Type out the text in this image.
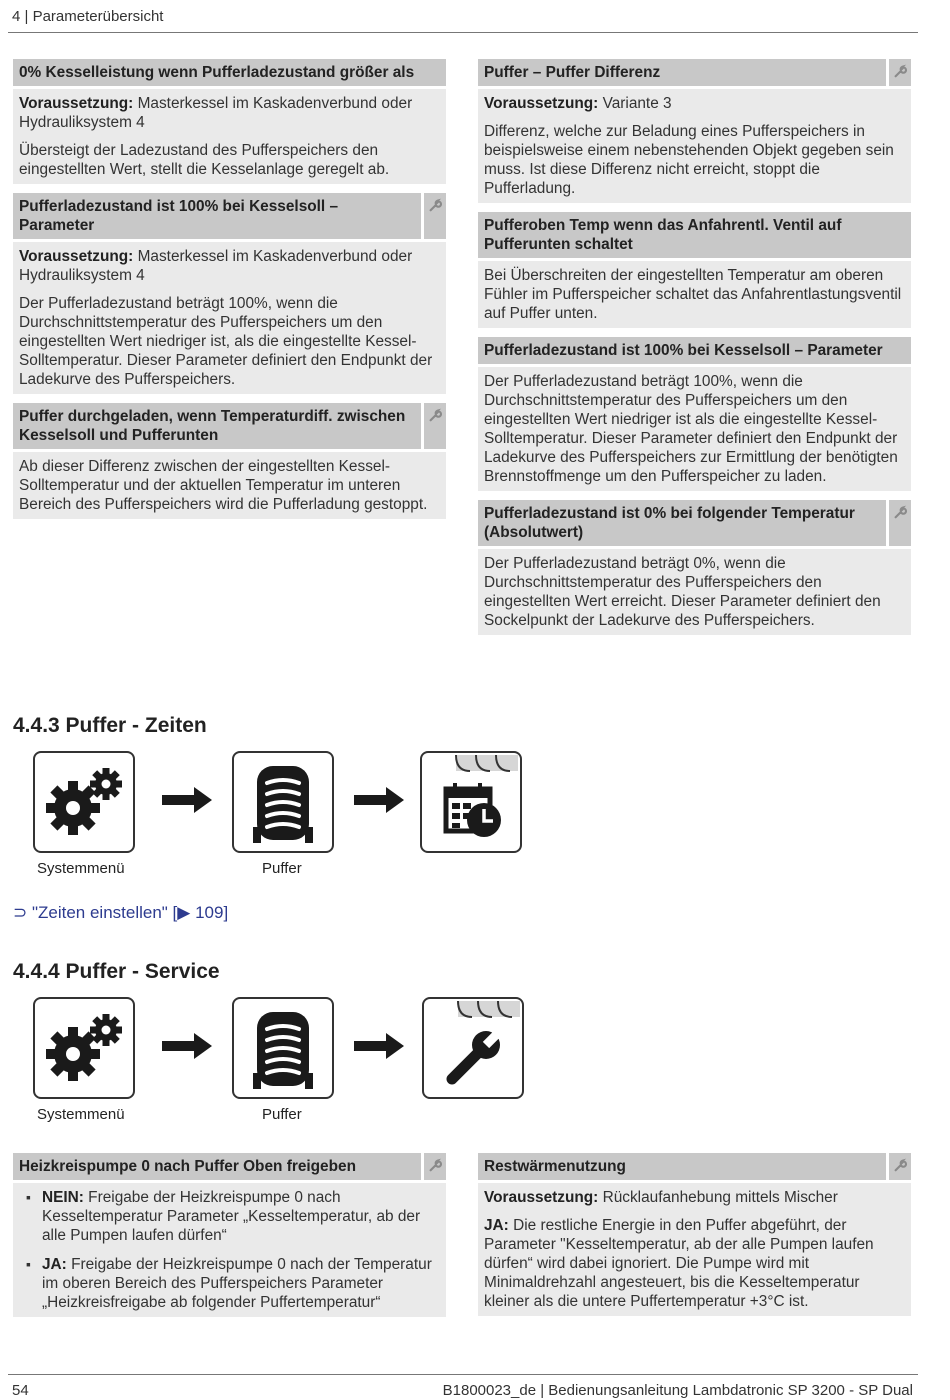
4 | Parameterübersicht
0% Kesselleistung wenn Pufferladezustand größer als

Voraussetzung: Masterkessel im Kaskadenverbund oder Hydrauliksystem 4

Übersteigt der Ladezustand des Pufferspeichers den eingestellten Wert, stellt die Kesselanlage geregelt ab.

Pufferladezustand ist 100% bei Kesselsoll – Parameter

Voraussetzung: Masterkessel im Kaskadenverbund oder Hydrauliksystem 4

Der Pufferladezustand beträgt 100%, wenn die Durchschnittstemperatur des Pufferspeichers um den eingestellten Wert niedriger ist, als die eingestellte Kessel-Solltemperatur. Dieser Parameter definiert den Endpunkt der Ladekurve des Pufferspeichers.

Puffer durchgeladen, wenn Temperaturdiff. zwischen Kesselsoll und Pufferunten

Ab dieser Differenz zwischen der eingestellten Kessel-Solltemperatur und der aktuellen Temperatur im unteren Bereich des Pufferspeichers wird die Pufferladung gestoppt.

Puffer – Puffer Differenz

Voraussetzung: Variante 3

Differenz, welche zur Beladung eines Pufferspeichers in beispielsweise einem nebenstehenden Objekt gegeben sein muss. Ist diese Differenz nicht erreicht, stoppt die Pufferladung.

Pufferoben Temp wenn das Anfahrentl. Ventil auf Pufferunten schaltet

Bei Überschreiten der eingestellten Temperatur am oberen Fühler im Pufferspeicher schaltet das Anfahrentlastungsventil auf Puffer unten.

Pufferladezustand ist 100% bei Kesselsoll – Parameter

Der Pufferladezustand beträgt 100%, wenn die Durchschnittstemperatur des Pufferspeichers um den eingestellten Wert niedriger ist als die eingestellte Kessel-Solltemperatur. Dieser Parameter definiert den Endpunkt der Ladekurve des Pufferspeichers zur Ermittlung der benötigten Brennstoffmenge um den Pufferspeicher zu laden.

Pufferladezustand ist 0% bei folgender Temperatur (Absolutwert)

Der Pufferladezustand beträgt 0%, wenn die Durchschnittstemperatur des Pufferspeichers den eingestellten Wert erreicht. Dieser Parameter definiert den Sockelpunkt der Ladekurve des Pufferspeichers.

4.4.3 Puffer - Zeiten
Systemmenü	Puffer
⊃ "Zeiten einstellen" [▶ 109]
4.4.4 Puffer - Service
Systemmenü	Puffer
Heizkreispumpe 0 nach Puffer Oben freigeben
▪ NEIN: Freigabe der Heizkreispumpe 0 nach Kesseltemperatur Parameter „Kesseltemperatur, ab der alle Pumpen laufen dürfen“
▪ JA: Freigabe der Heizkreispumpe 0 nach der Temperatur im oberen Bereich des Pufferspeichers Parameter „Heizkreisfreigabe ab folgender Puffertemperatur“
Restwärmenutzung

Voraussetzung: Rücklaufanhebung mittels Mischer

JA: Die restliche Energie in den Puffer abgeführt, der Parameter "Kesseltemperatur, ab der alle Pumpen laufen dürfen“ wird dabei ignoriert. Die Pumpe wird mit Minimaldrehzahl angesteuert, bis die Kesseltemperatur kleiner als die untere Puffertemperatur +3°C ist.

54	B1800023_de | Bedienungsanleitung Lambdatronic SP 3200 - SP Dual
